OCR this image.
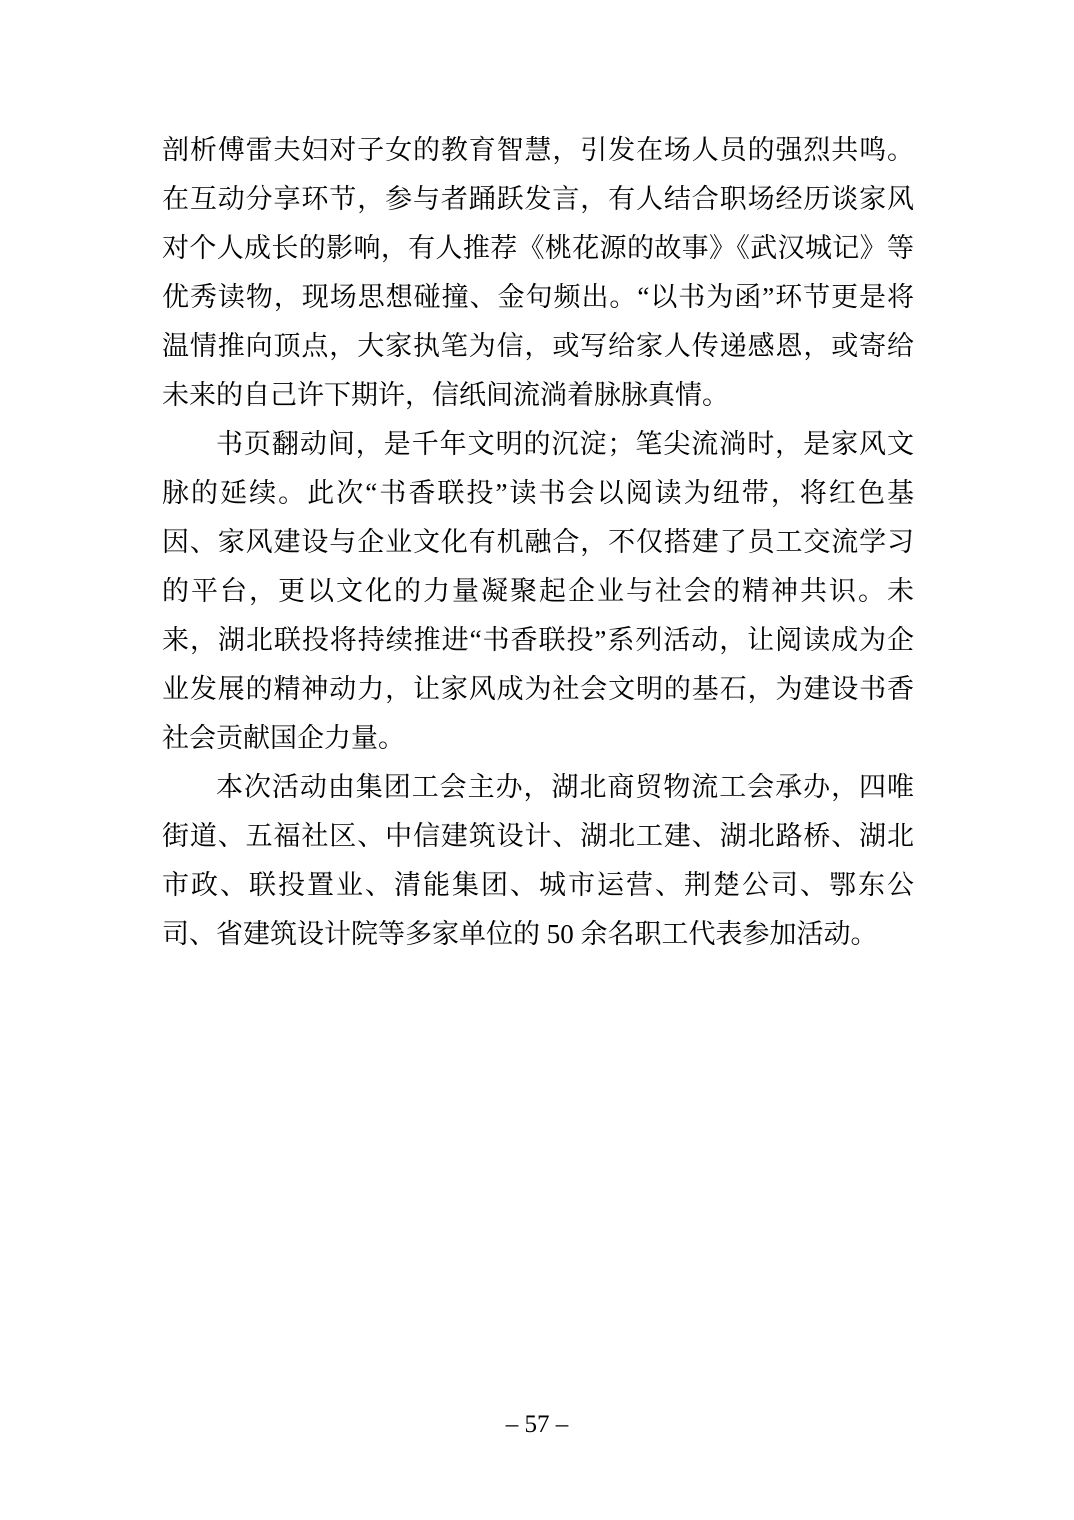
剖析傅雷夫妇对子女的教育智慧，引发在场人员的强烈共鸣。在互动分享环节，参与者踊跃发言，有人结合职场经历谈家风对个人成长的影响，有人推荐《桃花源的故事》《武汉城记》等优秀读物，现场思想碰撞、金句频出。“以书为函”环节更是将温情推向顶点，大家执笔为信，或写给家人传递感恩，或寄给未来的自己许下期许，信纸间流淌着脉脉真情。

书页翻动间，是千年文明的沉淀；笔尖流淌时，是家风文脉的延续。此次“书香联投”读书会以阅读为纽带，将红色基因、家风建设与企业文化有机融合，不仅搭建了员工交流学习的平台，更以文化的力量凝聚起企业与社会的精神共识。未来，湖北联投将持续推进“书香联投”系列活动，让阅读成为企业发展的精神动力，让家风成为社会文明的基石，为建设书香社会贡献国企力量。

本次活动由集团工会主办，湖北商贸物流工会承办，四唯街道、五福社区、中信建筑设计、湖北工建、湖北路桥、湖北市政、联投置业、清能集团、城市运营、荆楚公司、鄂东公司、省建筑设计院等多家单位的 50 余名职工代表参加活动。

– 57 –
